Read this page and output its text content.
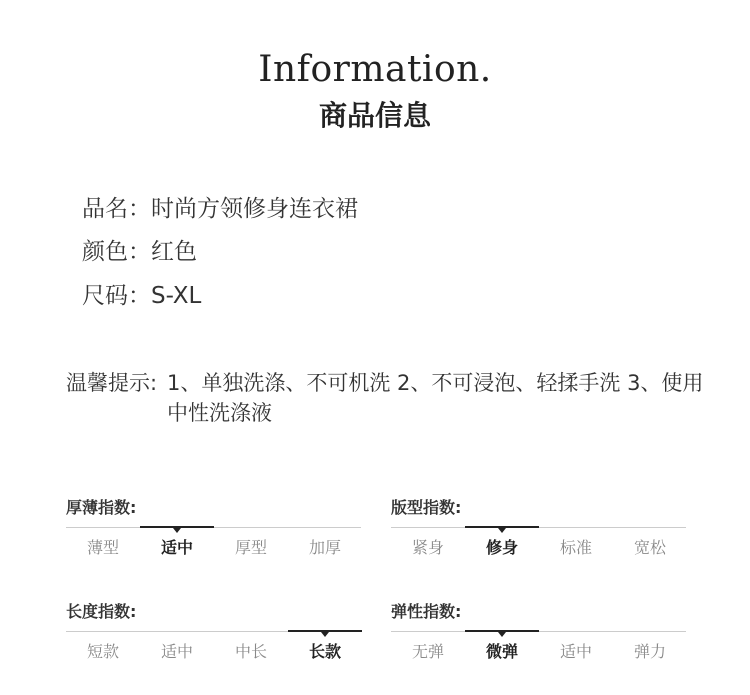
Information.
商品信息
品名：时尚方领修身连衣裙
颜色：红色
尺码：S-XL
温馨提示: 1、单独洗涤、不可机洗 2、不可浸泡、轻揉手洗 3、使用中性洗涤液
厚薄指数:
薄型	适中	厚型	加厚
版型指数:
紧身	修身	标准	宽松
长度指数:
短款	适中	中长	长款
弹性指数:
无弹	微弹	适中	弹力
